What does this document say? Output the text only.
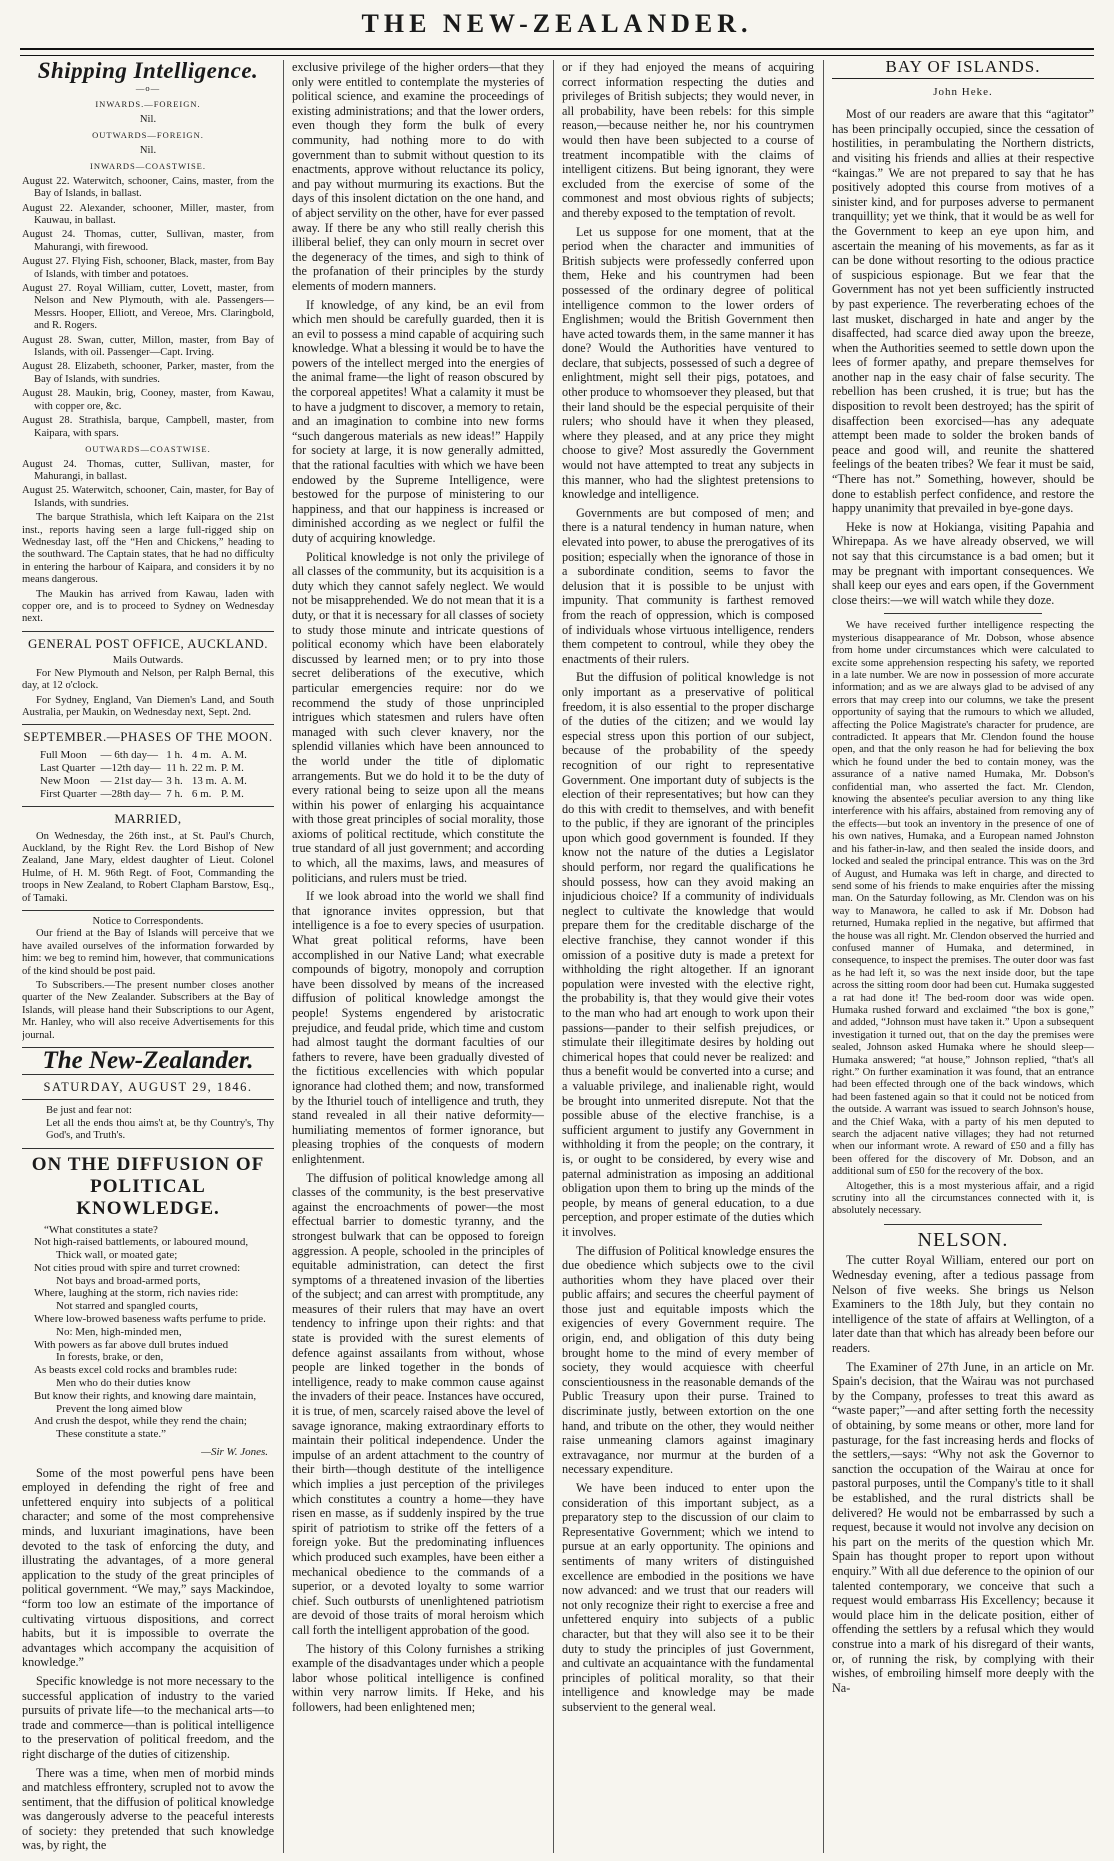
THE NEW-ZEALANDER.
Shipping Intelligence.
—o—
INWARDS.—FOREIGN.
Nil.
OUTWARDS—FOREIGN.
Nil.
INWARDS—COASTWISE.

August 22. Waterwitch, schooner, Cains, master, from the Bay of Islands, in ballast.

August 22. Alexander, schooner, Miller, master, from Kauwau, in ballast.

August 24. Thomas, cutter, Sullivan, master, from Mahurangi, with firewood.

August 27. Flying Fish, schooner, Black, master, from Bay of Islands, with timber and potatoes.

August 27. Royal William, cutter, Lovett, master, from Nelson and New Plymouth, with ale. Passengers—Messrs. Hooper, Elliott, and Vereoe, Mrs. Claringbold, and R. Rogers.

August 28. Swan, cutter, Millon, master, from Bay of Islands, with oil. Passenger—Capt. Irving.

August 28. Elizabeth, schooner, Parker, master, from the Bay of Islands, with sundries.

August 28. Maukin, brig, Cooney, master, from Kawau, with copper ore, &c.

August 28. Strathisla, barque, Campbell, master, from Kaipara, with spars.

OUTWARDS—COASTWISE.

August 24. Thomas, cutter, Sullivan, master, for Mahurangi, in ballast.

August 25. Waterwitch, schooner, Cain, master, for Bay of Islands, with sundries.

The barque Strathisla, which left Kaipara on the 21st inst., reports having seen a large full-rigged ship on Wednesday last, off the “Hen and Chickens,” heading to the southward. The Captain states, that he had no difficulty in entering the harbour of Kaipara, and considers it by no means dangerous.

The Maukin has arrived from Kawau, laden with copper ore, and is to proceed to Sydney on Wednesday next.

GENERAL POST OFFICE, AUCKLAND.
Mails Outwards.

For New Plymouth and Nelson, per Ralph Bernal, this day, at 12 o'clock.

For Sydney, England, Van Diemen's Land, and South Australia, per Maukin, on Wednesday next, Sept. 2nd.

SEPTEMBER.—PHASES OF THE MOON.
Full Moon	— 6th day—	1 h.	4 m.	A. M.
Last Quarter	—12th day—	11 h.	22 m.	P. M.
New Moon	— 21st day—	3 h.	13 m.	A. M.
First Quarter	—28th day—	7 h.	6 m.	P. M.
MARRIED,

On Wednesday, the 26th inst., at St. Paul's Church, Auckland, by the Right Rev. the Lord Bishop of New Zealand, Jane Mary, eldest daughter of Lieut. Colonel Hulme, of H. M. 96th Regt. of Foot, Commanding the troops in New Zealand, to Robert Clapham Barstow, Esq., of Tamaki.

Notice to Correspondents.

Our friend at the Bay of Islands will perceive that we have availed ourselves of the information forwarded by him: we beg to remind him, however, that communications of the kind should be post paid.

To Subscribers.—The present number closes another quarter of the New Zealander. Subscribers at the Bay of Islands, will please hand their Subscriptions to our Agent, Mr. Hanley, who will also receive Advertisements for this journal.

The New-Zealander.
SATURDAY, AUGUST 29, 1846.
Be just and fear not:
Let all the ends thou aims't at, be thy Country's, Thy God's, and Truth's.
ON THE DIFFUSION OF POLITICAL KNOWLEDGE.
“What constitutes a state?
Not high-raised battlements, or laboured mound,
Thick wall, or moated gate;
Not cities proud with spire and turret crowned:
Not bays and broad-armed ports,
Where, laughing at the storm, rich navies ride:
Not starred and spangled courts,
Where low-browed baseness wafts perfume to pride.
No: Men, high-minded men,
With powers as far above dull brutes indued
In forests, brake, or den,
As beasts excel cold rocks and brambles rude:
Men who do their duties know
But know their rights, and knowing dare maintain,
Prevent the long aimed blow
And crush the despot, while they rend the chain;
These constitute a state.”
—Sir W. Jones.

Some of the most powerful pens have been employed in defending the right of free and unfettered enquiry into subjects of a political character; and some of the most comprehensive minds, and luxuriant imaginations, have been devoted to the task of enforcing the duty, and illustrating the advantages, of a more general application to the study of the great principles of political government. “We may,” says Mackindoe, “form too low an estimate of the importance of cultivating virtuous dispositions, and correct habits, but it is impossible to overrate the advantages which accompany the acquisition of knowledge.”

Specific knowledge is not more necessary to the successful application of industry to the varied pursuits of private life—to the mechanical arts—to trade and commerce—than is political intelligence to the preservation of political freedom, and the right discharge of the duties of citizenship.

There was a time, when men of morbid minds and matchless effrontery, scrupled not to avow the sentiment, that the diffusion of political knowledge was dangerously adverse to the peaceful interests of society: they pretended that such knowledge was, by right, the

exclusive privilege of the higher orders—that they only were entitled to contemplate the mysteries of political science, and examine the proceedings of existing administrations; and that the lower orders, even though they form the bulk of every community, had nothing more to do with government than to submit without question to its enactments, approve without reluctance its policy, and pay without murmuring its exactions. But the days of this insolent dictation on the one hand, and of abject servility on the other, have for ever passed away. If there be any who still really cherish this illiberal belief, they can only mourn in secret over the degeneracy of the times, and sigh to think of the profanation of their principles by the sturdy elements of modern manners.

If knowledge, of any kind, be an evil from which men should be carefully guarded, then it is an evil to possess a mind capable of acquiring such knowledge. What a blessing it would be to have the powers of the intellect merged into the energies of the animal frame—the light of reason obscured by the corporeal appetites! What a calamity it must be to have a judgment to discover, a memory to retain, and an imagination to combine into new forms “such dangerous materials as new ideas!” Happily for society at large, it is now generally admitted, that the rational faculties with which we have been endowed by the Supreme Intelligence, were bestowed for the purpose of ministering to our happiness, and that our happiness is increased or diminished according as we neglect or fulfil the duty of acquiring knowledge.

Political knowledge is not only the privilege of all classes of the community, but its acquisition is a duty which they cannot safely neglect. We would not be misapprehended. We do not mean that it is a duty, or that it is necessary for all classes of society to study those minute and intricate questions of political economy which have been elaborately discussed by learned men; or to pry into those secret deliberations of the executive, which particular emergencies require: nor do we recommend the study of those unprincipled intrigues which statesmen and rulers have often managed with such clever knavery, nor the splendid villanies which have been announced to the world under the title of diplomatic arrangements. But we do hold it to be the duty of every rational being to seize upon all the means within his power of enlarging his acquaintance with those great principles of social morality, those axioms of political rectitude, which constitute the true standard of all just government; and according to which, all the maxims, laws, and measures of politicians, and rulers must be tried.

If we look abroad into the world we shall find that ignorance invites oppression, but that intelligence is a foe to every species of usurpation. What great political reforms, have been accomplished in our Native Land; what execrable compounds of bigotry, monopoly and corruption have been dissolved by means of the increased diffusion of political knowledge amongst the people! Systems engendered by aristocratic prejudice, and feudal pride, which time and custom had almost taught the dormant faculties of our fathers to revere, have been gradually divested of the fictitious excellencies with which popular ignorance had clothed them; and now, transformed by the Ithuriel touch of intelligence and truth, they stand revealed in all their native deformity—humiliating mementos of former ignorance, but pleasing trophies of the conquests of modern enlightenment.

The diffusion of political knowledge among all classes of the community, is the best preservative against the encroachments of power—the most effectual barrier to domestic tyranny, and the strongest bulwark that can be opposed to foreign aggression. A people, schooled in the principles of equitable administration, can detect the first symptoms of a threatened invasion of the liberties of the subject; and can arrest with promptitude, any measures of their rulers that may have an overt tendency to infringe upon their rights: and that state is provided with the surest elements of defence against assailants from without, whose people are linked together in the bonds of intelligence, ready to make common cause against the invaders of their peace. Instances have occured, it is true, of men, scarcely raised above the level of savage ignorance, making extraordinary efforts to maintain their political independence. Under the impulse of an ardent attachment to the country of their birth—though destitute of the intelligence which implies a just perception of the privileges which constitutes a country a home—they have risen en masse, as if suddenly inspired by the true spirit of patriotism to strike off the fetters of a foreign yoke. But the predominating influences which produced such examples, have been either a mechanical obedience to the commands of a superior, or a devoted loyalty to some warrior chief. Such outbursts of unenlightened patriotism are devoid of those traits of moral heroism which call forth the intelligent approbation of the good.

The history of this Colony furnishes a striking example of the disadvantages under which a people labor whose political intelligence is confined within very narrow limits. If Heke, and his followers, had been enlightened men;

or if they had enjoyed the means of acquiring correct information respecting the duties and privileges of British subjects; they would never, in all probability, have been rebels: for this simple reason,—because neither he, nor his countrymen would then have been subjected to a course of treatment incompatible with the claims of intelligent citizens. But being ignorant, they were excluded from the exercise of some of the commonest and most obvious rights of subjects; and thereby exposed to the temptation of revolt.

Let us suppose for one moment, that at the period when the character and immunities of British subjects were professedly conferred upon them, Heke and his countrymen had been possessed of the ordinary degree of political intelligence common to the lower orders of Englishmen; would the British Government then have acted towards them, in the same manner it has done? Would the Authorities have ventured to declare, that subjects, possessed of such a degree of enlightment, might sell their pigs, potatoes, and other produce to whomsoever they pleased, but that their land should be the especial perquisite of their rulers; who should have it when they pleased, where they pleased, and at any price they might choose to give? Most assuredly the Government would not have attempted to treat any subjects in this manner, who had the slightest pretensions to knowledge and intelligence.

Governments are but composed of men; and there is a natural tendency in human nature, when elevated into power, to abuse the prerogatives of its position; especially when the ignorance of those in a subordinate condition, seems to favor the delusion that it is possible to be unjust with impunity. That community is farthest removed from the reach of oppression, which is composed of individuals whose virtuous intelligence, renders them competent to controul, while they obey the enactments of their rulers.

But the diffusion of political knowledge is not only important as a preservative of political freedom, it is also essential to the proper discharge of the duties of the citizen; and we would lay especial stress upon this portion of our subject, because of the probability of the speedy recognition of our right to representative Government. One important duty of subjects is the election of their representatives; but how can they do this with credit to themselves, and with benefit to the public, if they are ignorant of the principles upon which good government is founded. If they know not the nature of the duties a Legislator should perform, nor regard the qualifications he should possess, how can they avoid making an injudicious choice? If a community of individuals neglect to cultivate the knowledge that would prepare them for the creditable discharge of the elective franchise, they cannot wonder if this omission of a positive duty is made a pretext for withholding the right altogether. If an ignorant population were invested with the elective right, the probability is, that they would give their votes to the man who had art enough to work upon their passions—pander to their selfish prejudices, or stimulate their illegitimate desires by holding out chimerical hopes that could never be realized: and thus a benefit would be converted into a curse; and a valuable privilege, and inalienable right, would be brought into unmerited disrepute. Not that the possible abuse of the elective franchise, is a sufficient argument to justify any Government in withholding it from the people; on the contrary, it is, or ought to be considered, by every wise and paternal administration as imposing an additional obligation upon them to bring up the minds of the people, by means of general education, to a due perception, and proper estimate of the duties which it involves.

The diffusion of Political knowledge ensures the due obedience which subjects owe to the civil authorities whom they have placed over their public affairs; and secures the cheerful payment of those just and equitable imposts which the exigencies of every Government require. The origin, end, and obligation of this duty being brought home to the mind of every member of society, they would acquiesce with cheerful conscientiousness in the reasonable demands of the Public Treasury upon their purse. Trained to discriminate justly, between extortion on the one hand, and tribute on the other, they would neither raise unmeaning clamors against imaginary extravagance, nor murmur at the burden of a necessary expenditure.

We have been induced to enter upon the consideration of this important subject, as a preparatory step to the discussion of our claim to Representative Government; which we intend to pursue at an early opportunity. The opinions and sentiments of many writers of distinguished excellence are embodied in the positions we have now advanced: and we trust that our readers will not only recognize their right to exercise a free and unfettered enquiry into subjects of a public character, but that they will also see it to be their duty to study the principles of just Government, and cultivate an acquaintance with the fundamental principles of political morality, so that their intelligence and knowledge may be made subservient to the general weal.

BAY OF ISLANDS.
John Heke.

Most of our readers are aware that this “agitator” has been principally occupied, since the cessation of hostilities, in perambulating the Northern districts, and visiting his friends and allies at their respective “kaingas.” We are not prepared to say that he has positively adopted this course from motives of a sinister kind, and for purposes adverse to permanent tranquillity; yet we think, that it would be as well for the Government to keep an eye upon him, and ascertain the meaning of his movements, as far as it can be done without resorting to the odious practice of suspicious espionage. But we fear that the Government has not yet been sufficiently instructed by past experience. The reverberating echoes of the last musket, discharged in hate and anger by the disaffected, had scarce died away upon the breeze, when the Authorities seemed to settle down upon the lees of former apathy, and prepare themselves for another nap in the easy chair of false security. The rebellion has been crushed, it is true; but has the disposition to revolt been destroyed; has the spirit of disaffection been exorcised—has any adequate attempt been made to solder the broken bands of peace and good will, and reunite the shattered feelings of the beaten tribes? We fear it must be said, “There has not.” Something, however, should be done to establish perfect confidence, and restore the happy unanimity that prevailed in bye-gone days.

Heke is now at Hokianga, visiting Papahia and Whirepapa. As we have already observed, we will not say that this circumstance is a bad omen; but it may be pregnant with important consequences. We shall keep our eyes and ears open, if the Government close theirs:—we will watch while they doze.

We have received further intelligence respecting the mysterious disappearance of Mr. Dobson, whose absence from home under circumstances which were calculated to excite some apprehension respecting his safety, we reported in a late number. We are now in possession of more accurate information; and as we are always glad to be advised of any errors that may creep into our columns, we take the present opportunity of saying that the rumours to which we alluded, affecting the Police Magistrate's character for prudence, are contradicted. It appears that Mr. Clendon found the house open, and that the only reason he had for believing the box which he found under the bed to contain money, was the assurance of a native named Humaka, Mr. Dobson's confidential man, who asserted the fact. Mr. Clendon, knowing the absentee's peculiar aversion to any thing like interference with his affairs, abstained from removing any of the effects—but took an inventory in the presence of one of his own natives, Humaka, and a European named Johnston and his father-in-law, and then sealed the inside doors, and locked and sealed the principal entrance. This was on the 3rd of August, and Humaka was left in charge, and directed to send some of his friends to make enquiries after the missing man. On the Saturday following, as Mr. Clendon was on his way to Manawora, he called to ask if Mr. Dobson had returned, Humaka replied in the negative, but affirmed that the house was all right. Mr. Clendon observed the hurried and confused manner of Humaka, and determined, in consequence, to inspect the premises. The outer door was fast as he had left it, so was the next inside door, but the tape across the sitting room door had been cut. Humaka suggested a rat had done it! The bed-room door was wide open. Humaka rushed forward and exclaimed “the box is gone,” and added, “Johnson must have taken it.” Upon a subsequent investigation it turned out, that on the day the premises were sealed, Johnson asked Humaka where he should sleep—Humaka answered; “at house,” Johnson replied, “that's all right.” On further examination it was found, that an entrance had been effected through one of the back windows, which had been fastened again so that it could not be noticed from the outside. A warrant was issued to search Johnson's house, and the Chief Waka, with a party of his men deputed to search the adjacent native villages; they had not returned when our informant wrote. A reward of £50 and a filly has been offered for the discovery of Mr. Dobson, and an additional sum of £50 for the recovery of the box.

Altogether, this is a most mysterious affair, and a rigid scrutiny into all the circumstances connected with it, is absolutely necessary.

NELSON.

The cutter Royal William, entered our port on Wednesday evening, after a tedious passage from Nelson of five weeks. She brings us Nelson Examiners to the 18th July, but they contain no intelligence of the state of affairs at Wellington, of a later date than that which has already been before our readers.

The Examiner of 27th June, in an article on Mr. Spain's decision, that the Wairau was not purchased by the Company, professes to treat this award as “waste paper;”—and after setting forth the necessity of obtaining, by some means or other, more land for pasturage, for the fast increasing herds and flocks of the settlers,—says: “Why not ask the Governor to sanction the occupation of the Wairau at once for pastoral purposes, until the Company's title to it shall be established, and the rural districts shall be delivered? He would not be embarrassed by such a request, because it would not involve any decision on his part on the merits of the question which Mr. Spain has thought proper to report upon without enquiry.” With all due deference to the opinion of our talented contemporary, we conceive that such a request would embarrass His Excellency; because it would place him in the delicate position, either of offending the settlers by a refusal which they would construe into a mark of his disregard of their wants, or, of running the risk, by complying with their wishes, of embroiling himself more deeply with the Na-
